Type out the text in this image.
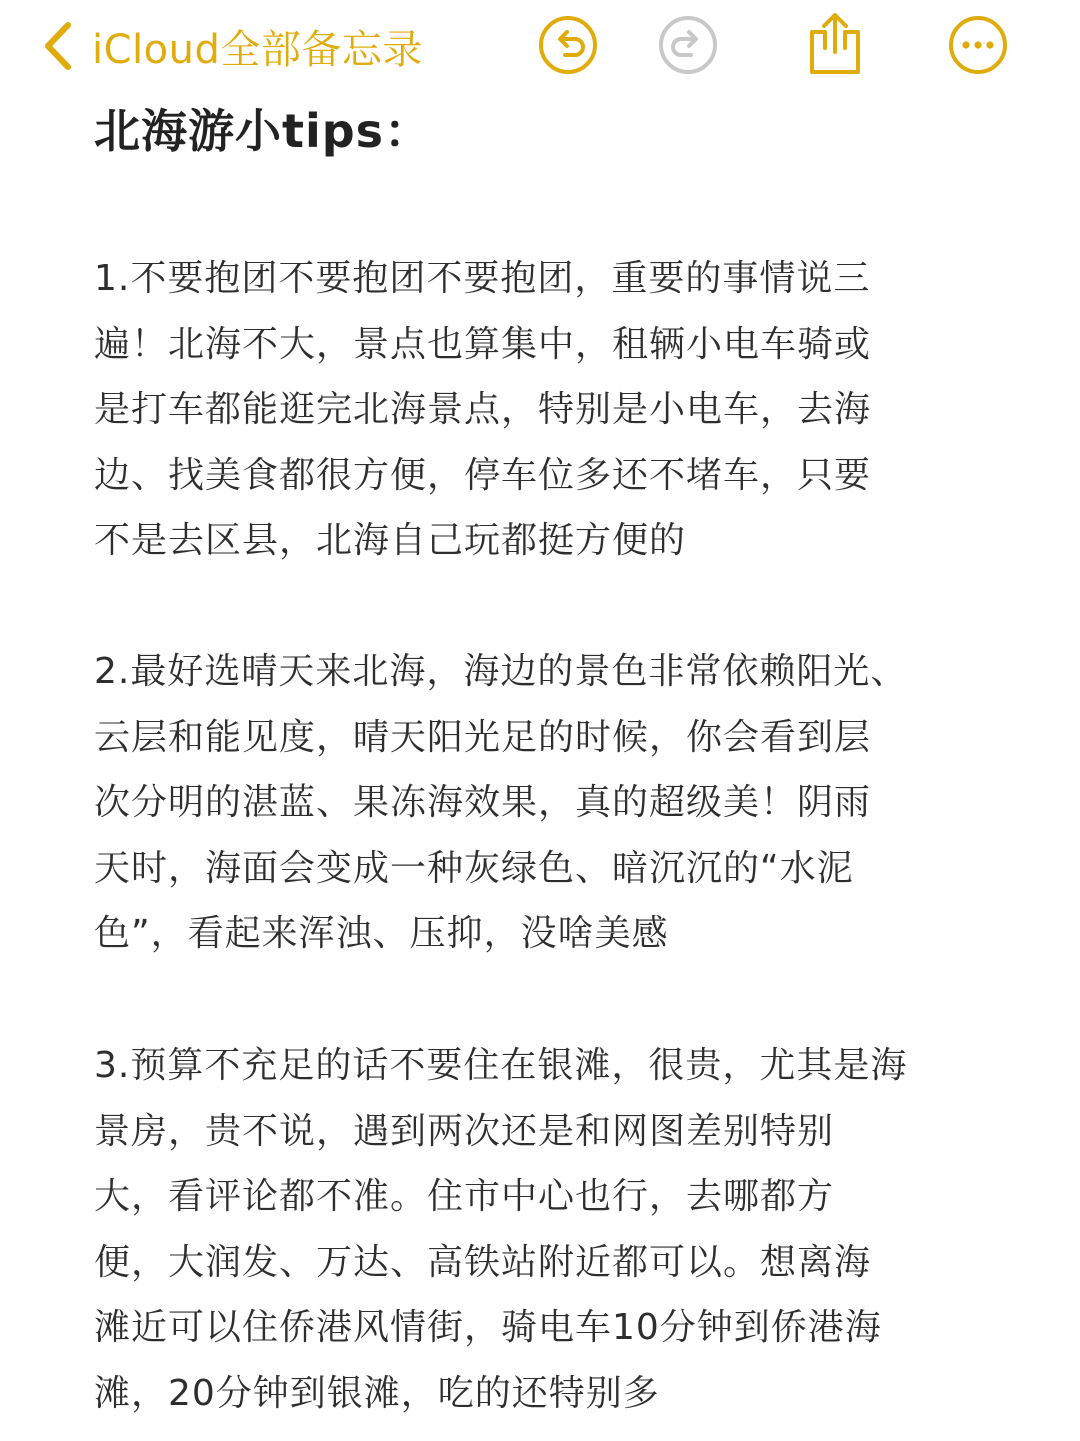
iCloud全部备忘录
北海游小tips：
1.不要抱团不要抱团不要抱团，重要的事情说三
遍！北海不大，景点也算集中，租辆小电车骑或
是打车都能逛完北海景点，特别是小电车，去海
边、找美食都很方便，停车位多还不堵车，只要
不是去区县，北海自己玩都挺方便的
2.最好选晴天来北海，海边的景色非常依赖阳光、
云层和能见度，晴天阳光足的时候，你会看到层
次分明的湛蓝、果冻海效果，真的超级美！阴雨
天时，海面会变成一种灰绿色、暗沉沉的“水泥
色”，看起来浑浊、压抑，没啥美感
3.预算不充足的话不要住在银滩，很贵，尤其是海
景房，贵不说，遇到两次还是和网图差别特别
大，看评论都不准。住市中心也行，去哪都方
便，大润发、万达、高铁站附近都可以。想离海
滩近可以住侨港风情街，骑电车10分钟到侨港海
滩，20分钟到银滩，吃的还特别多
